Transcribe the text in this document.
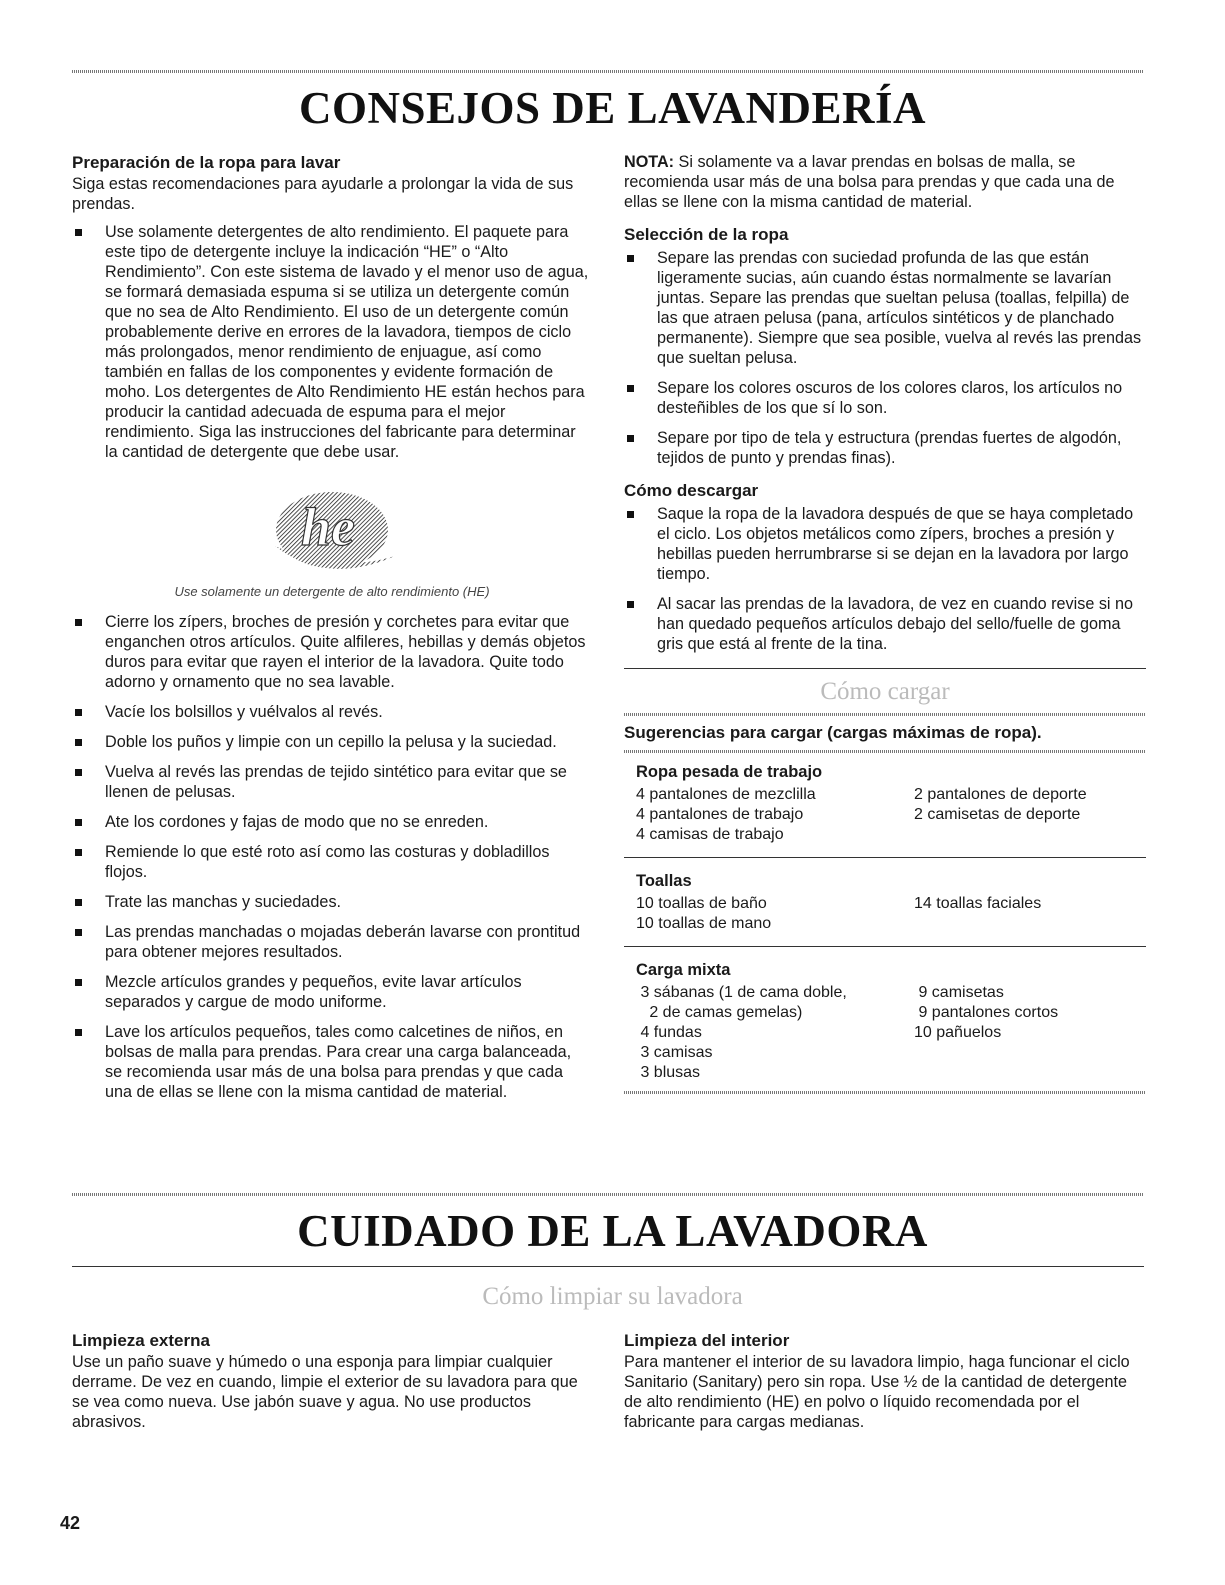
CONSEJOS DE LAVANDERÍA
Preparación de la ropa para lavar

Siga estas recomendaciones para ayudarle a prolongar la vida de sus prendas.

Use solamente detergentes de alto rendimiento. El paquete para este tipo de detergente incluye la indicación “HE” o “Alto Rendimiento”. Con este sistema de lavado y el menor uso de agua, se formará demasiada espuma si se utiliza un detergente común que no sea de Alto Rendimiento. El uso de un detergente común probablemente derive en errores de la lavadora, tiempos de ciclo más prolongados, menor rendimiento de enjuague, así como también en fallas de los componentes y evidente formación de moho. Los detergentes de Alto Rendimiento HE están hechos para producir la cantidad adecuada de espuma para el mejor rendimiento. Siga las instrucciones del fabricante para determinar la cantidad de detergente que debe usar.
he
Use solamente un detergente de alto rendimiento (HE)
Cierre los zípers, broches de presión y corchetes para evitar que enganchen otros artículos. Quite alfileres, hebillas y demás objetos duros para evitar que rayen el interior de la lavadora. Quite todo adorno y ornamento que no sea lavable.
Vacíe los bolsillos y vuélvalos al revés.
Doble los puños y limpie con un cepillo la pelusa y la suciedad.
Vuelva al revés las prendas de tejido sintético para evitar que se llenen de pelusas.
Ate los cordones y fajas de modo que no se enreden.
Remiende lo que esté roto así como las costuras y dobladillos flojos.
Trate las manchas y suciedades.
Las prendas manchadas o mojadas deberán lavarse con prontitud para obtener mejores resultados.
Mezcle artículos grandes y pequeños, evite lavar artículos separados y cargue de modo uniforme.
Lave los artículos pequeños, tales como calcetines de niños, en bolsas de malla para prendas. Para crear una carga balanceada, se recomienda usar más de una bolsa para prendas y que cada una de ellas se llene con la misma cantidad de material.

NOTA: Si solamente va a lavar prendas en bolsas de malla, se recomienda usar más de una bolsa para prendas y que cada una de ellas se llene con la misma cantidad de material.

Selección de la ropa
Separe las prendas con suciedad profunda de las que están ligeramente sucias, aún cuando éstas normalmente se lavarían juntas. Separe las prendas que sueltan pelusa (toallas, felpilla) de las que atraen pelusa (pana, artículos sintéticos y de planchado permanente). Siempre que sea posible, vuelva al revés las prendas que sueltan pelusa.
Separe los colores oscuros de los colores claros, los artículos no desteñibles de los que sí lo son.
Separe por tipo de tela y estructura (prendas fuertes de algodón, tejidos de punto y prendas finas).
Cómo descargar
Saque la ropa de la lavadora después de que se haya completado el ciclo. Los objetos metálicos como zípers, broches a presión y hebillas pueden herrumbrarse si se dejan en la lavadora por largo tiempo.
Al sacar las prendas de la lavadora, de vez en cuando revise si no han quedado pequeños artículos debajo del sello/fuelle de goma gris que está al frente de la tina.
Cómo cargar
Sugerencias para cargar (cargas máximas de ropa).
Ropa pesada de trabajo
4 pantalones de mezclilla	2 pantalones de deporte
4 pantalones de trabajo	2 camisetas de deporte
4 camisas de trabajo
Toallas
10 toallas de baño	14 toallas faciales
10 toallas de mano
Carga mixta
3 sábanas (1 de cama doble,	9 camisetas
2 de camas gemelas)	9 pantalones cortos
4 fundas	10 pañuelos
3 camisas
3 blusas
CUIDADO DE LA LAVADORA
Cómo limpiar su lavadora
Limpieza externa

Use un paño suave y húmedo o una esponja para limpiar cualquier derrame. De vez en cuando, limpie el exterior de su lavadora para que se vea como nueva. Use jabón suave y agua. No use productos abrasivos.

Limpieza del interior

Para mantener el interior de su lavadora limpio, haga funcionar el ciclo Sanitario (Sanitary) pero sin ropa. Use ½ de la cantidad de detergente de alto rendimiento (HE) en polvo o líquido recomendada por el fabricante para cargas medianas.

42
